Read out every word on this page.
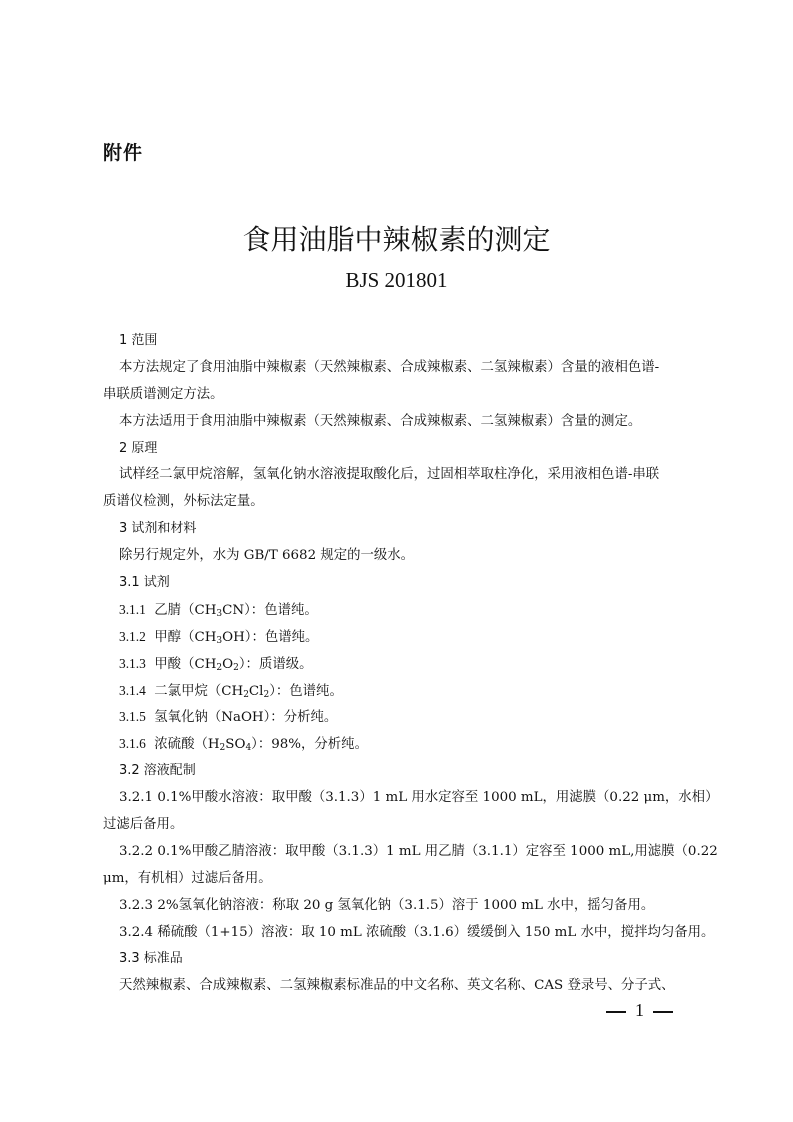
附件
食用油脂中辣椒素的测定
BJS 201801
1 范围
本方法规定了食用油脂中辣椒素（天然辣椒素、合成辣椒素、二氢辣椒素）含量的液相色谱-
串联质谱测定方法。
本方法适用于食用油脂中辣椒素（天然辣椒素、合成辣椒素、二氢辣椒素）含量的测定。
2 原理
试样经二氯甲烷溶解，氢氧化钠水溶液提取酸化后，过固相萃取柱净化，采用液相色谱-串联
质谱仪检测，外标法定量。
3 试剂和材料
除另行规定外，水为 GB/T 6682 规定的一级水。
3.1 试剂
3.1.1 乙腈$(CH_3CN)$：色谱纯。
3.1.2 甲醇$(CH_3OH)$：色谱纯。
3.1.3 甲酸$(CH_2O_2)$：质谱级。
3.1.4 二氯甲烷$(CH_2Cl_2)$：色谱纯。
3.1.5 氢氧化钠（NaOH）：分析纯。
3.1.6 浓硫酸$(H_2SO_4)$：98%，分析纯。
3.2 溶液配制
3.2.1 0.1%甲酸水溶液：取甲酸（3.1.3）1 mL 用水定容至 1000 mL，用滤膜（0.22 μm，水相）
过滤后备用。
3.2.2 0.1%甲酸乙腈溶液：取甲酸（3.1.3）1 mL 用乙腈（3.1.1）定容至 1000 mL,用滤膜（0.22
μm，有机相）过滤后备用。
3.2.3 2%氢氧化钠溶液：称取 20 g 氢氧化钠（3.1.5）溶于 1000 mL 水中，摇匀备用。
3.2.4 稀硫酸（1+15）溶液：取 10 mL 浓硫酸（3.1.6）缓缓倒入 150 mL 水中，搅拌均匀备用。
3.3 标准品
天然辣椒素、合成辣椒素、二氢辣椒素标准品的中文名称、英文名称、CAS 登录号、分子式、
1
